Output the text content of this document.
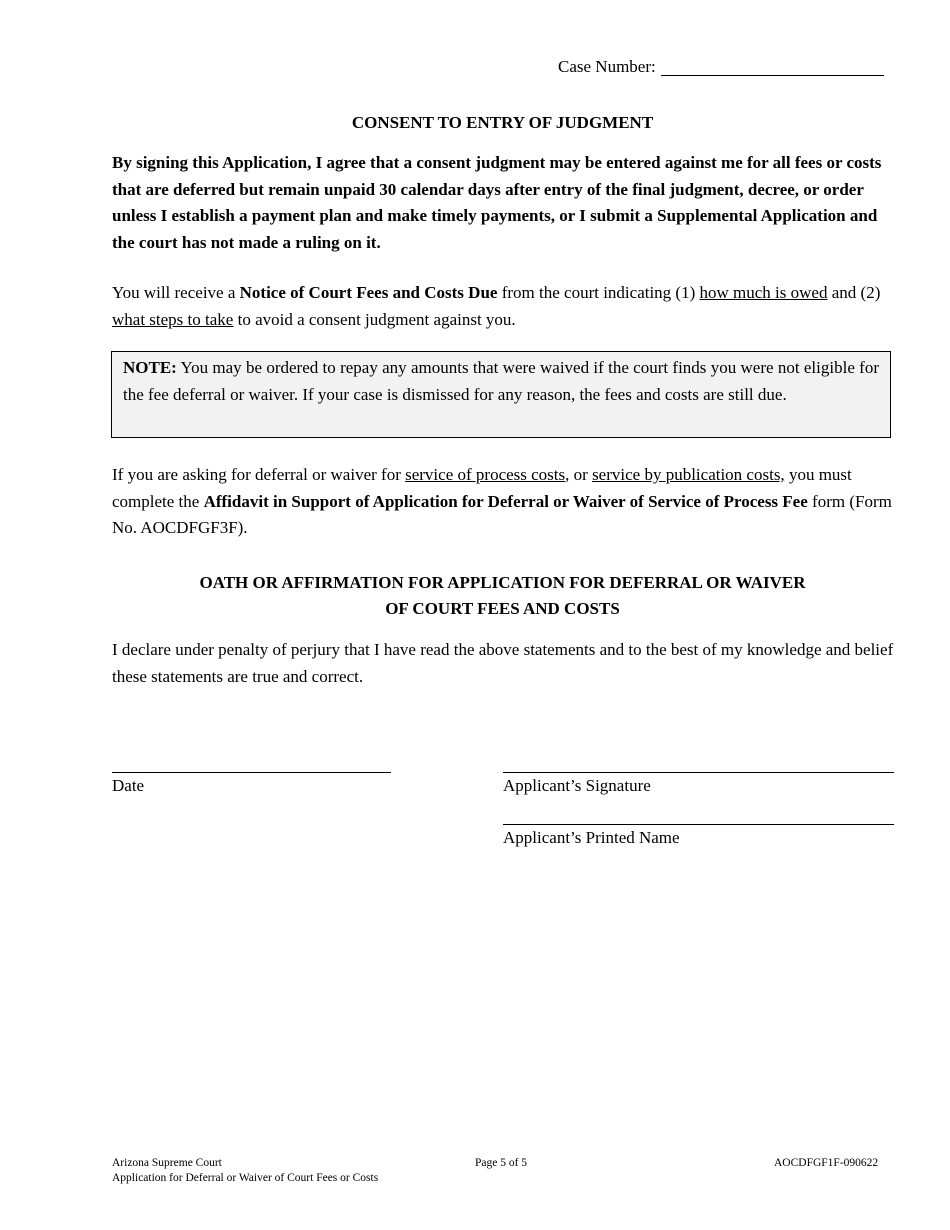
Case Number:
CONSENT TO ENTRY OF JUDGMENT
By signing this Application, I agree that a consent judgment may be entered against me for all fees or costs that are deferred but remain unpaid 30 calendar days after entry of the final judgment, decree, or order unless I establish a payment plan and make timely payments, or I submit a Supplemental Application and the court has not made a ruling on it.
You will receive a Notice of Court Fees and Costs Due from the court indicating (1) how much is owed and (2) what steps to take to avoid a consent judgment against you.
NOTE: You may be ordered to repay any amounts that were waived if the court finds you were not eligible for the fee deferral or waiver. If your case is dismissed for any reason, the fees and costs are still due.
If you are asking for deferral or waiver for service of process costs, or service by publication costs, you must complete the Affidavit in Support of Application for Deferral or Waiver of Service of Process Fee form (Form No. AOCDFGF3F).
OATH OR AFFIRMATION FOR APPLICATION FOR DEFERRAL OR WAIVER
OF COURT FEES AND COSTS
I declare under penalty of perjury that I have read the above statements and to the best of my knowledge and belief these statements are true and correct.
Date	Applicant’s Signature
Applicant’s Printed Name
Arizona Supreme Court
Application for Deferral or Waiver of Court Fees or Costs
Page 5 of 5	AOCDFGF1F-090622
